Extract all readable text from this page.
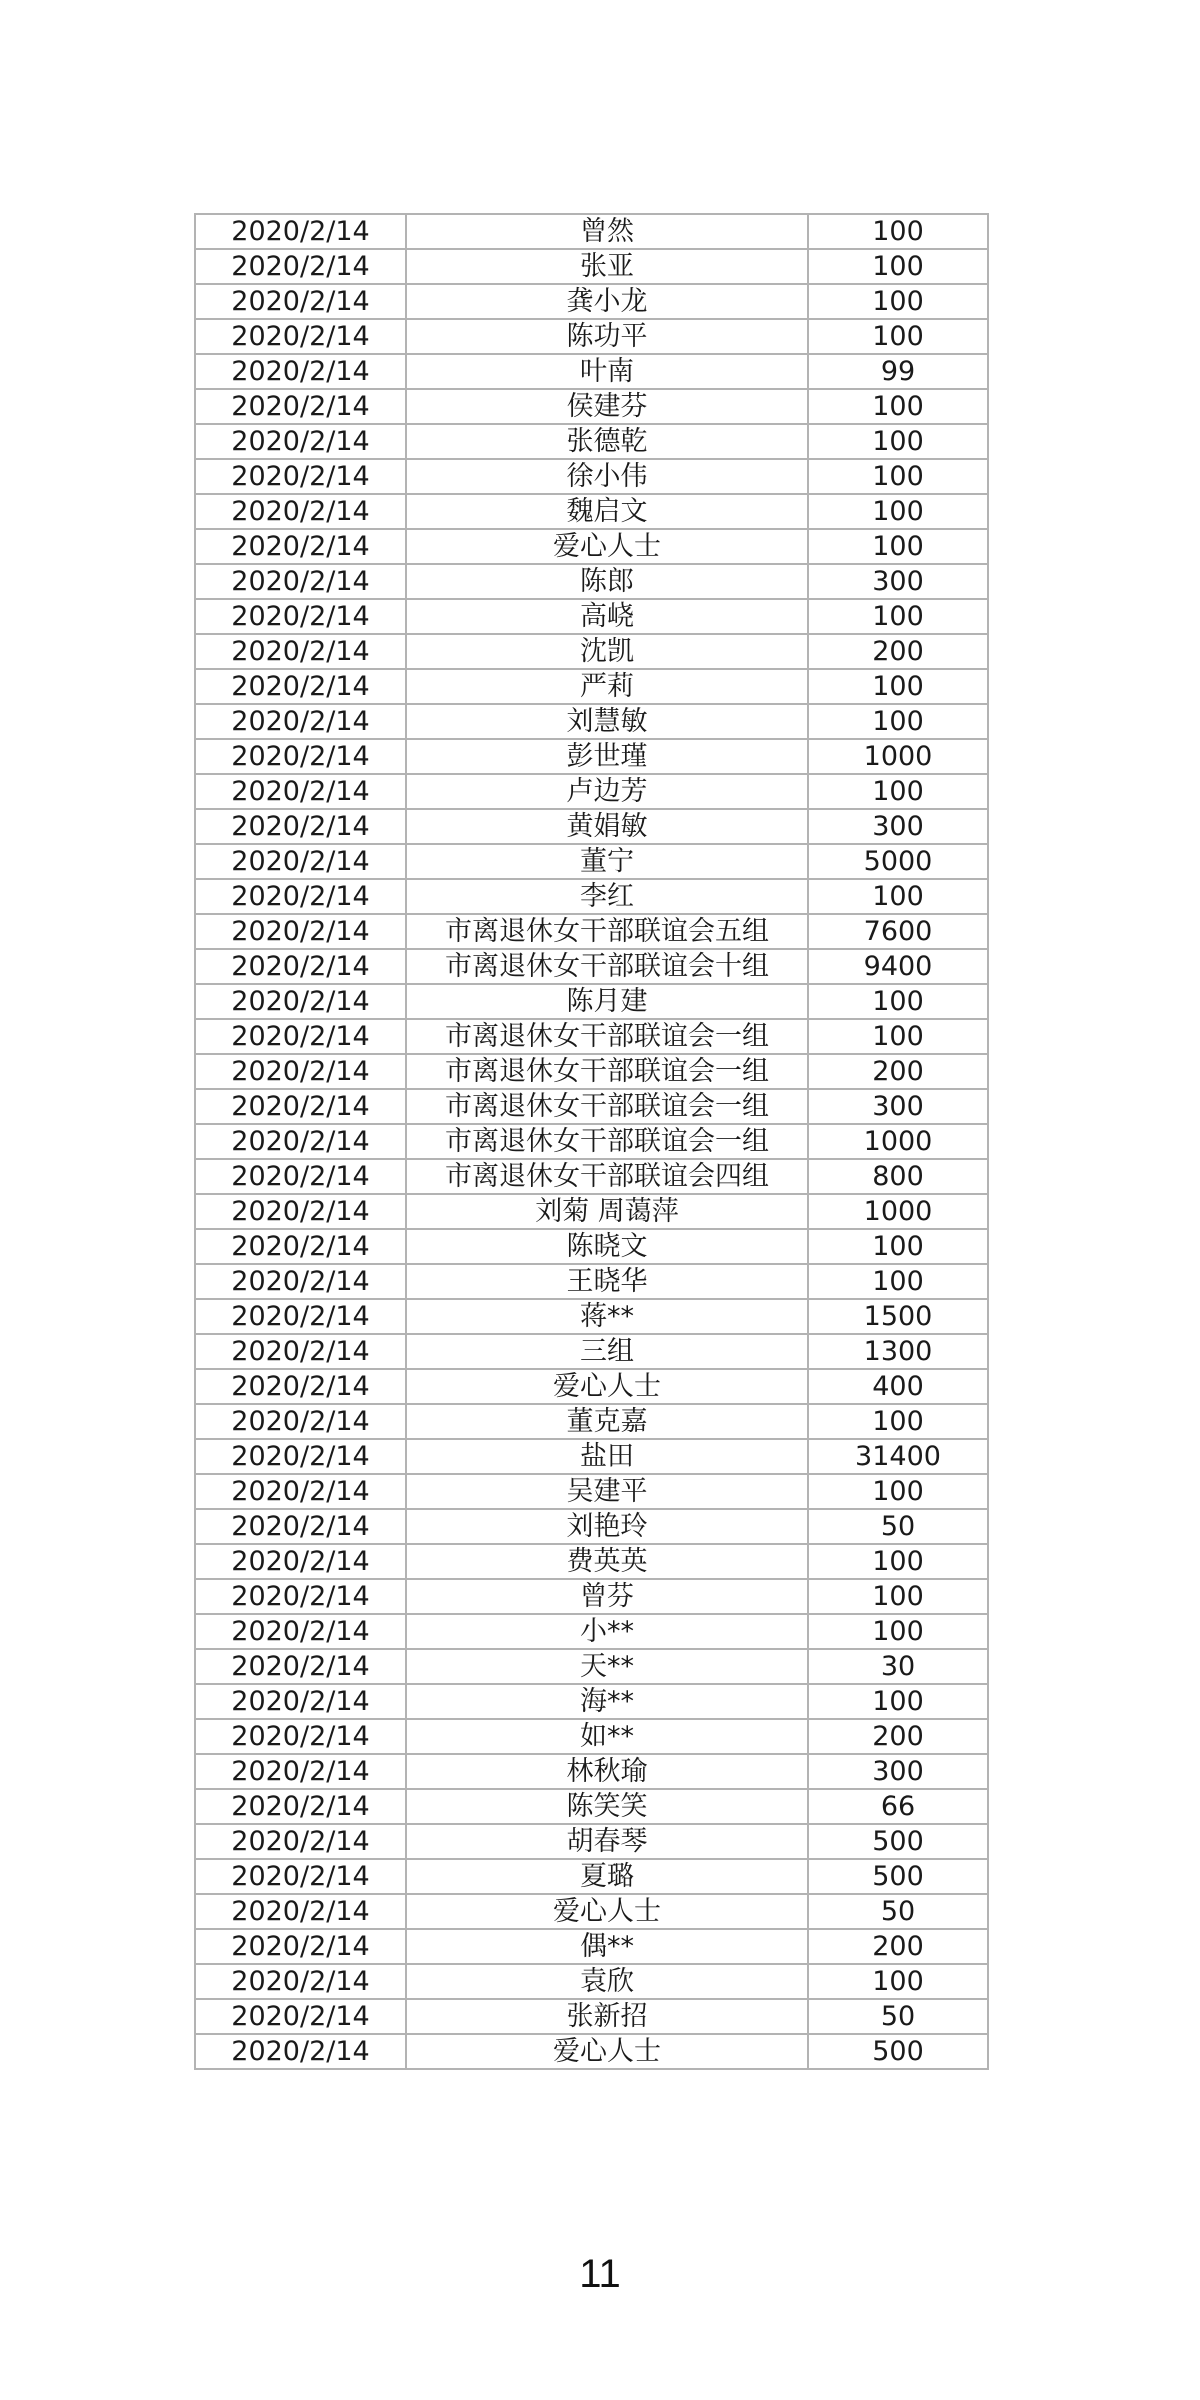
2020/2/14	曾然	100
2020/2/14	张亚	100
2020/2/14	龚小龙	100
2020/2/14	陈功平	100
2020/2/14	叶南	99
2020/2/14	侯建芬	100
2020/2/14	张德乾	100
2020/2/14	徐小伟	100
2020/2/14	魏启文	100
2020/2/14	爱心人士	100
2020/2/14	陈郎	300
2020/2/14	高峣	100
2020/2/14	沈凯	200
2020/2/14	严莉	100
2020/2/14	刘慧敏	100
2020/2/14	彭世瑾	1000
2020/2/14	卢边芳	100
2020/2/14	黄娟敏	300
2020/2/14	董宁	5000
2020/2/14	李红	100
2020/2/14	市离退休女干部联谊会五组	7600
2020/2/14	市离退休女干部联谊会十组	9400
2020/2/14	陈月建	100
2020/2/14	市离退休女干部联谊会一组	100
2020/2/14	市离退休女干部联谊会一组	200
2020/2/14	市离退休女干部联谊会一组	300
2020/2/14	市离退休女干部联谊会一组	1000
2020/2/14	市离退休女干部联谊会四组	800
2020/2/14	刘菊 周蔼萍	1000
2020/2/14	陈晓文	100
2020/2/14	王晓华	100
2020/2/14	蒋**	1500
2020/2/14	三组	1300
2020/2/14	爱心人士	400
2020/2/14	董克嘉	100
2020/2/14	盐田	31400
2020/2/14	吴建平	100
2020/2/14	刘艳玲	50
2020/2/14	费英英	100
2020/2/14	曾芬	100
2020/2/14	小**	100
2020/2/14	天**	30
2020/2/14	海**	100
2020/2/14	如**	200
2020/2/14	林秋瑜	300
2020/2/14	陈笑笑	66
2020/2/14	胡春琴	500
2020/2/14	夏璐	500
2020/2/14	爱心人士	50
2020/2/14	偶**	200
2020/2/14	袁欣	100
2020/2/14	张新招	50
2020/2/14	爱心人士	500
11
